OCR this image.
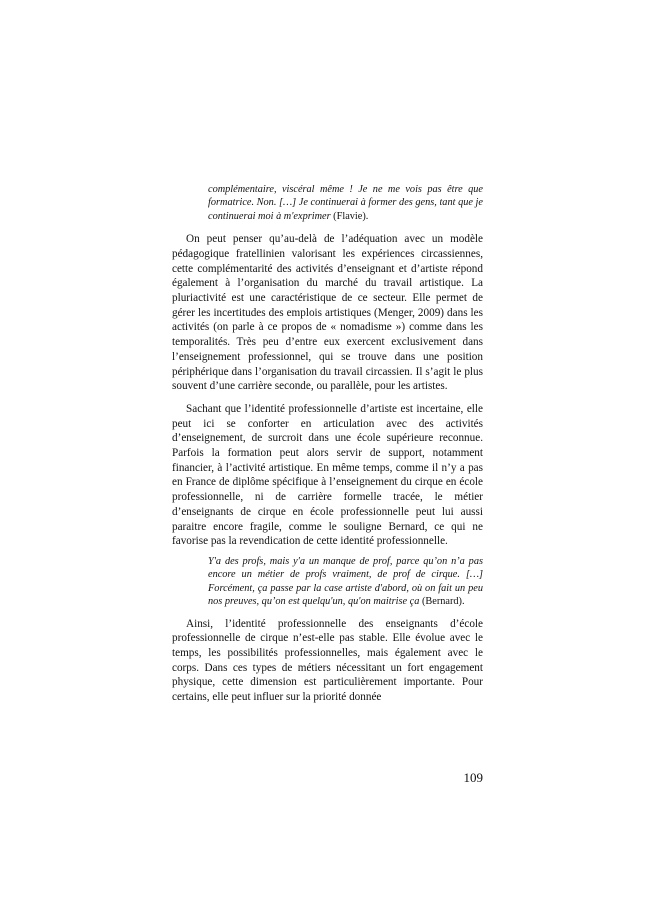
complémentaire, viscéral même ! Je ne me vois pas être que formatrice. Non. […] Je continuerai à former des gens, tant que je continuerai moi à m'exprimer (Flavie).

On peut penser qu’au-delà de l’adéquation avec un modèle pédagogique fratellinien valorisant les expériences circassiennes, cette complémentarité des activités d’enseignant et d’artiste répond également à l’organisation du marché du travail artistique. La pluriactivité est une caractéristique de ce secteur. Elle permet de gérer les incertitudes des emplois artistiques (Menger, 2009) dans les activités (on parle à ce propos de « nomadisme ») comme dans les temporalités. Très peu d’entre eux exercent exclusivement dans l’enseignement professionnel, qui se trouve dans une position périphérique dans l’organisation du travail circassien. Il s’agit le plus souvent d’une carrière seconde, ou parallèle, pour les artistes.

Sachant que l’identité professionnelle d’artiste est incertaine, elle peut ici se conforter en articulation avec des activités d’enseignement, de surcroit dans une école supérieure reconnue. Parfois la formation peut alors servir de support, notamment financier, à l’activité artistique. En même temps, comme il n’y a pas en France de diplôme spécifique à l’enseignement du cirque en école professionnelle, ni de carrière formelle tracée, le métier d’enseignants de cirque en école professionnelle peut lui aussi paraitre encore fragile, comme le souligne Bernard, ce qui ne favorise pas la revendication de cette identité professionnelle.

Y'a des profs, mais y'a un manque de prof, parce qu’on n’a pas encore un métier de profs vraiment, de prof de cirque. […] Forcément, ça passe par la case artiste d'abord, où on fait un peu nos preuves, qu’on est quelqu'un, qu'on maitrise ça (Bernard).

Ainsi, l’identité professionnelle des enseignants d’école professionnelle de cirque n’est-elle pas stable. Elle évolue avec le temps, les possibilités professionnelles, mais également avec le corps. Dans ces types de métiers nécessitant un fort engagement physique, cette dimension est particulièrement importante. Pour certains, elle peut influer sur la priorité donnée

109
